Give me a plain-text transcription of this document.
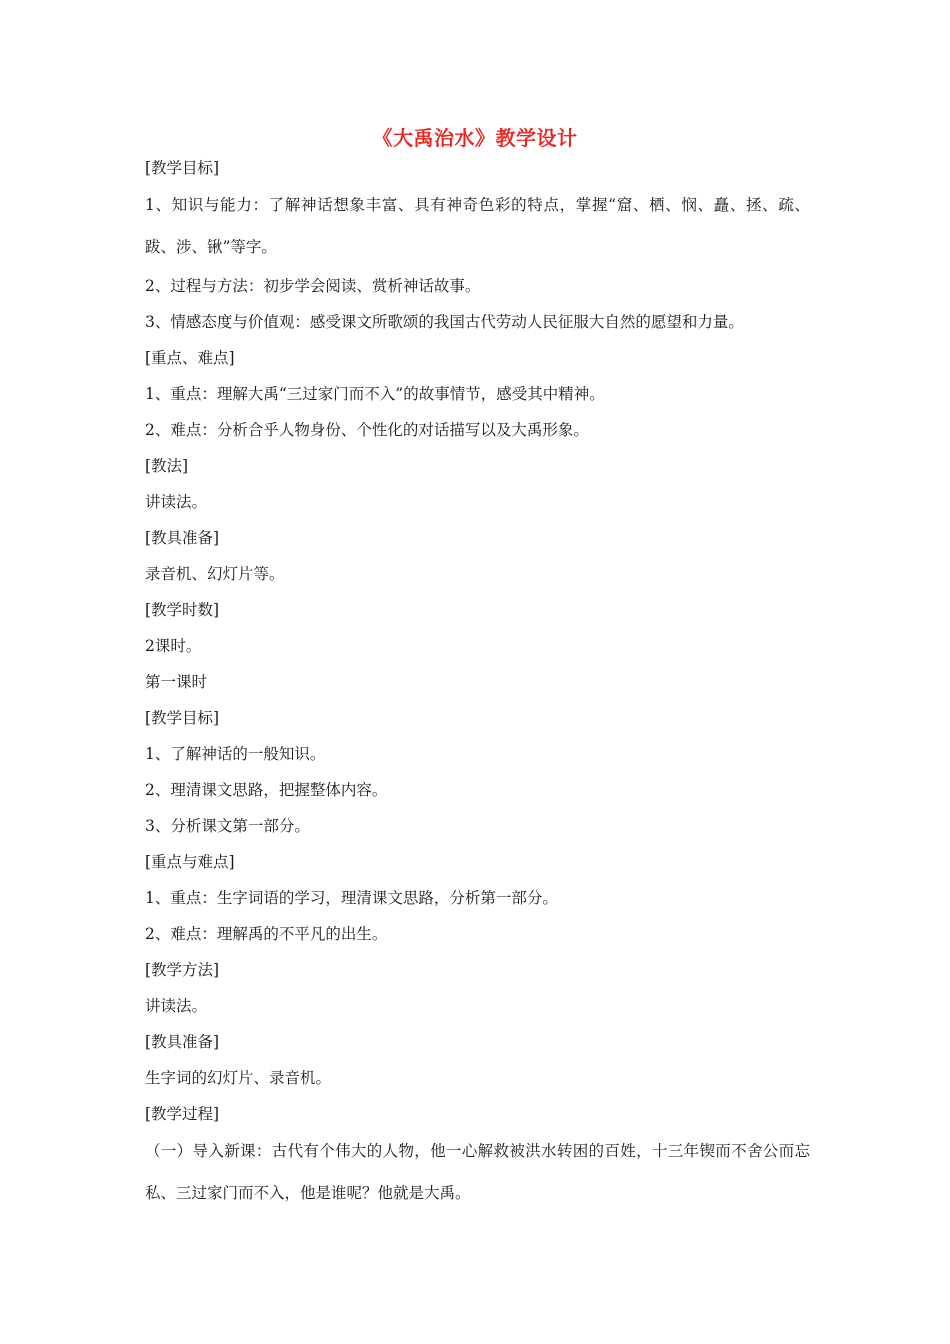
《大禹治水》教学设计
[教学目标]
1、知识与能力：了解神话想象丰富、具有神奇色彩的特点，掌握“窟、栖、悯、矗、拯、疏、跋、涉、锹”等字。
2、过程与方法：初步学会阅读、赏析神话故事。
3、情感态度与价值观：感受课文所歌颂的我国古代劳动人民征服大自然的愿望和力量。
[重点、难点]
1、重点：理解大禹“三过家门而不入”的故事情节，感受其中精神。
2、难点：分析合乎人物身份、个性化的对话描写以及大禹形象。
[教法]
讲读法。
[教具准备]
录音机、幻灯片等。
[教学时数]
2课时。
第一课时
[教学目标]
1、了解神话的一般知识。
2、理清课文思路，把握整体内容。
3、分析课文第一部分。
[重点与难点]
1、重点：生字词语的学习，理清课文思路，分析第一部分。
2、难点：理解禹的不平凡的出生。
[教学方法]
讲读法。
[教具准备]
生字词的幻灯片、录音机。
[教学过程]
（一）导入新课：古代有个伟大的人物，他一心解救被洪水转困的百姓，十三年锲而不舍公而忘私、三过家门而不入，他是谁呢？他就是大禹。
